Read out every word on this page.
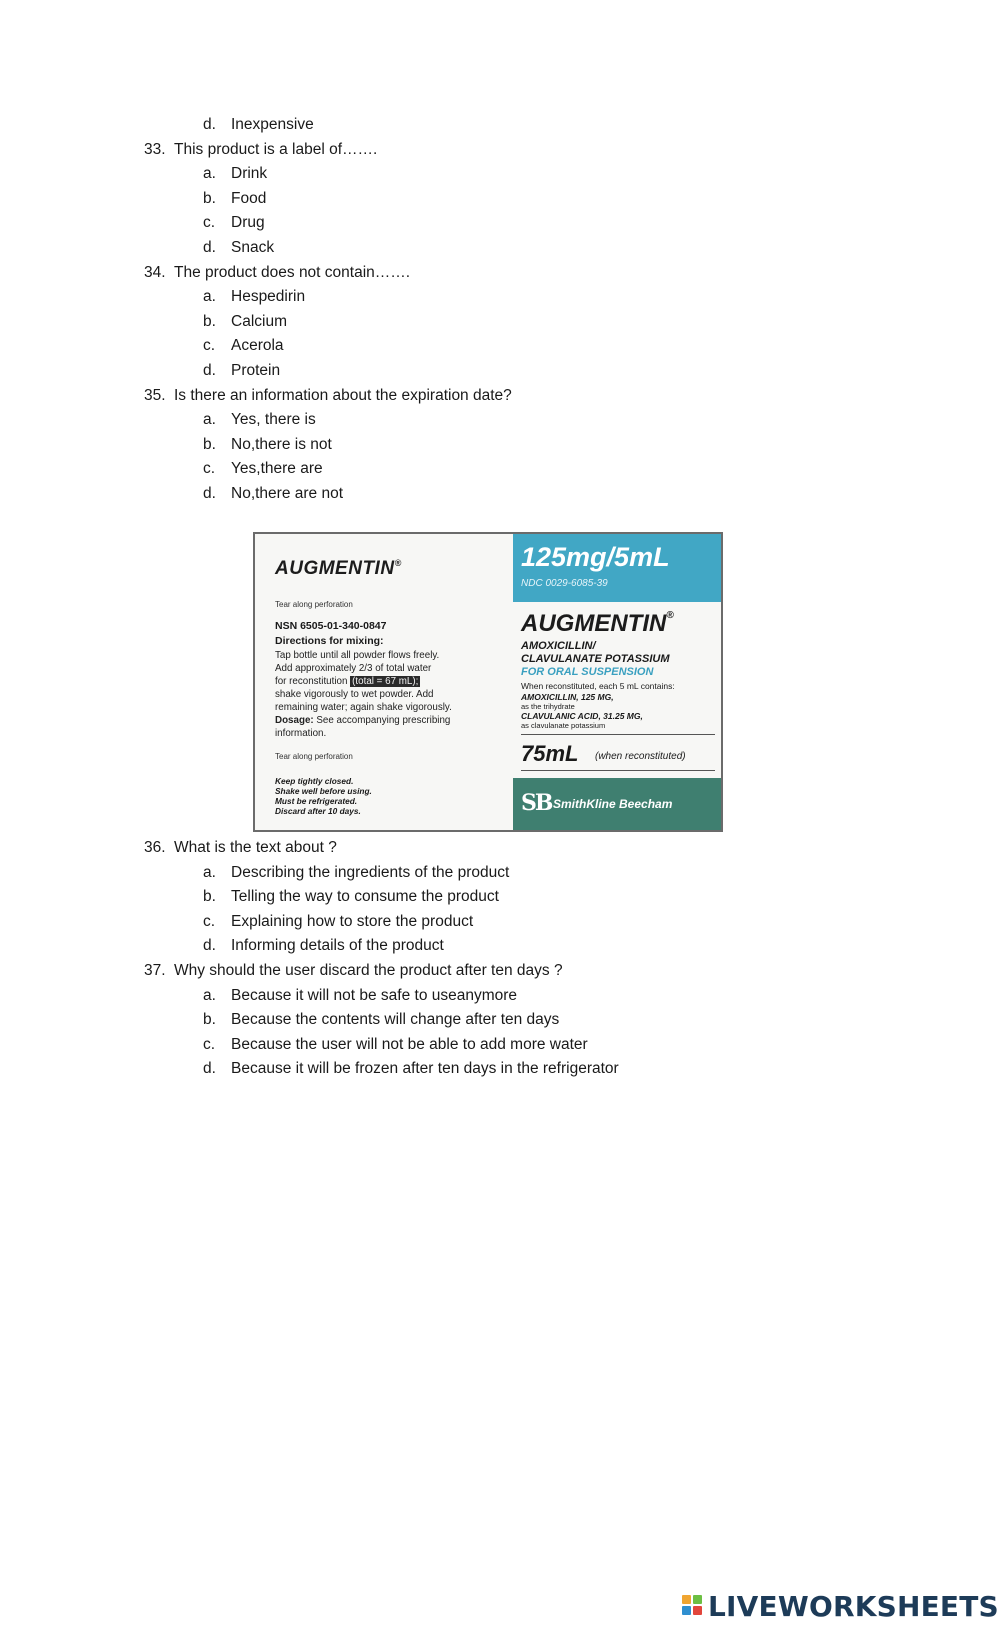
d. Inexpensive
33. This product is a label of…….
a. Drink
b. Food
c. Drug
d. Snack
34. The product does not contain…….
a. Hespedirin
b. Calcium
c. Acerola
d. Protein
35. Is there an information about the expiration date?
a. Yes, there is
b. No,there is not
c. Yes,there are
d. No,there are not
36. What is the text about ?
a. Describing the ingredients of the product
b. Telling the way to consume the product
c. Explaining how to store the product
d. Informing details of the product
37. Why should the user discard the product after ten days ?
a. Because it will not be safe to useanymore
b. Because the contents will change after ten days
c. Because the user will not be able to add more water
d. Because it will be frozen after ten days in the refrigerator
AUGMENTIN®
Tear along perforation
NSN 6505-01-340-0847
Directions for mixing:
Tap bottle until all powder flows freely.
Add approximately 2/3 of total water
for reconstitution (total = 67 mL);
shake vigorously to wet powder. Add
remaining water; again shake vigorously.
Dosage: See accompanying prescribing
information.
Tear along perforation
Keep tightly closed.
Shake well before using.
Must be refrigerated.
Discard after 10 days.
125mg/5mL
NDC 0029-6085-39
AUGMENTIN®
AMOXICILLIN/
CLAVULANATE POTASSIUM
FOR ORAL SUSPENSION
When reconstituted, each 5 mL contains:
AMOXICILLIN, 125 MG,
as the trihydrate
CLAVULANIC ACID, 31.25 MG,
as clavulanate potassium
75mL (when reconstituted)
SB SmithKline Beecham
LIVEWORKSHEETS
